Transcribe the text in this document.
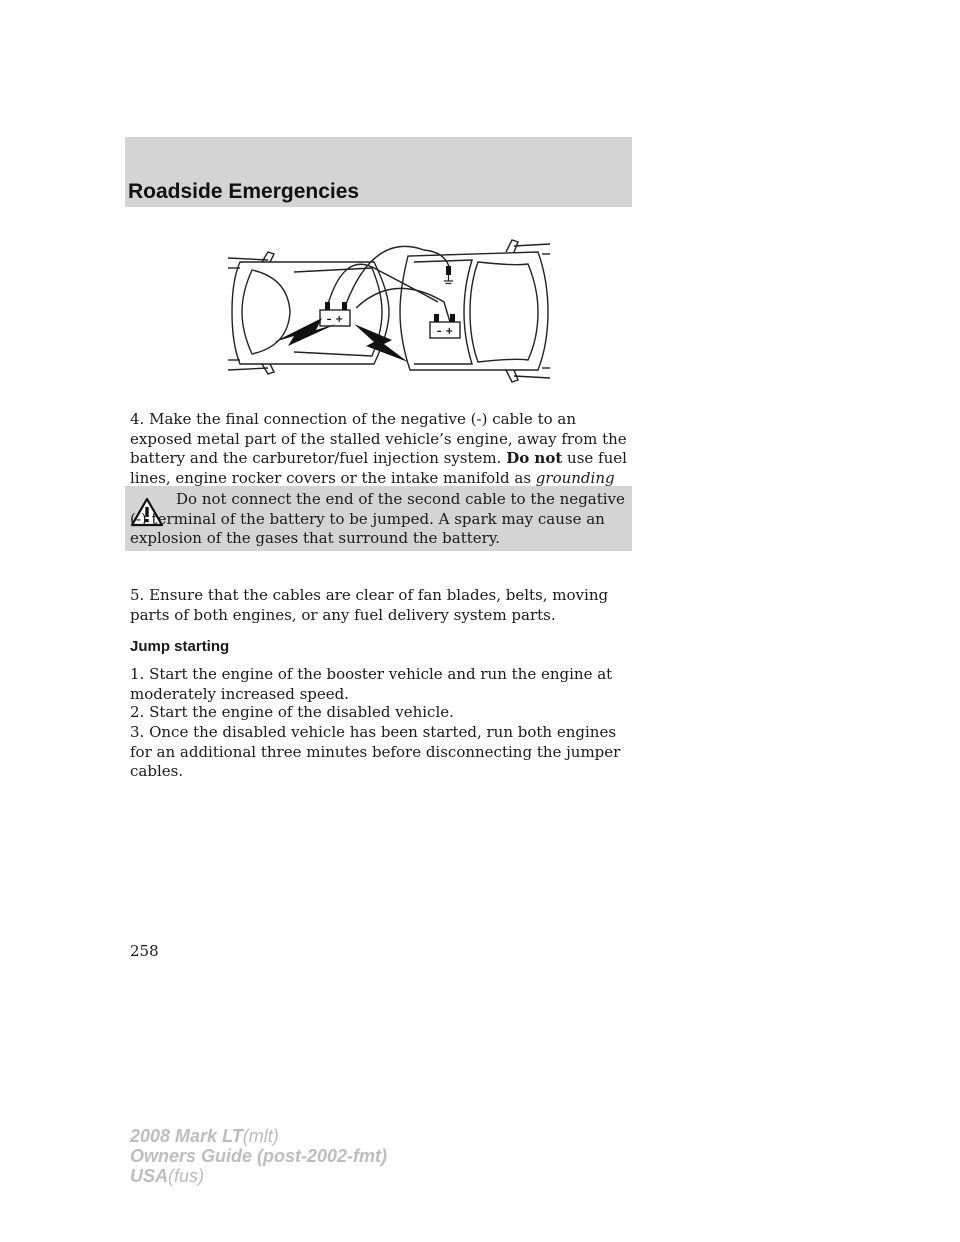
Roadside Emergencies
– +
– +

4. Make the final connection of the negative (-) cable to an exposed metal part of the stalled vehicle’s engine, away from the battery and the carburetor/fuel injection system. Do not use fuel lines, engine rocker covers or the intake manifold as grounding

Do not connect the end of the second cable to the negative (-) terminal of the battery to be jumped. A spark may cause an explosion of the gases that surround the battery.

5. Ensure that the cables are clear of fan blades, belts, moving parts of both engines, or any fuel delivery system parts.

Jump starting

1. Start the engine of the booster vehicle and run the engine at moderately increased speed.

2. Start the engine of the disabled vehicle.

3. Once the disabled vehicle has been started, run both engines for an additional three minutes before disconnecting the jumper cables.

258
2008 Mark LT(mlt)
Owners Guide (post-2002-fmt)
USA(fus)
